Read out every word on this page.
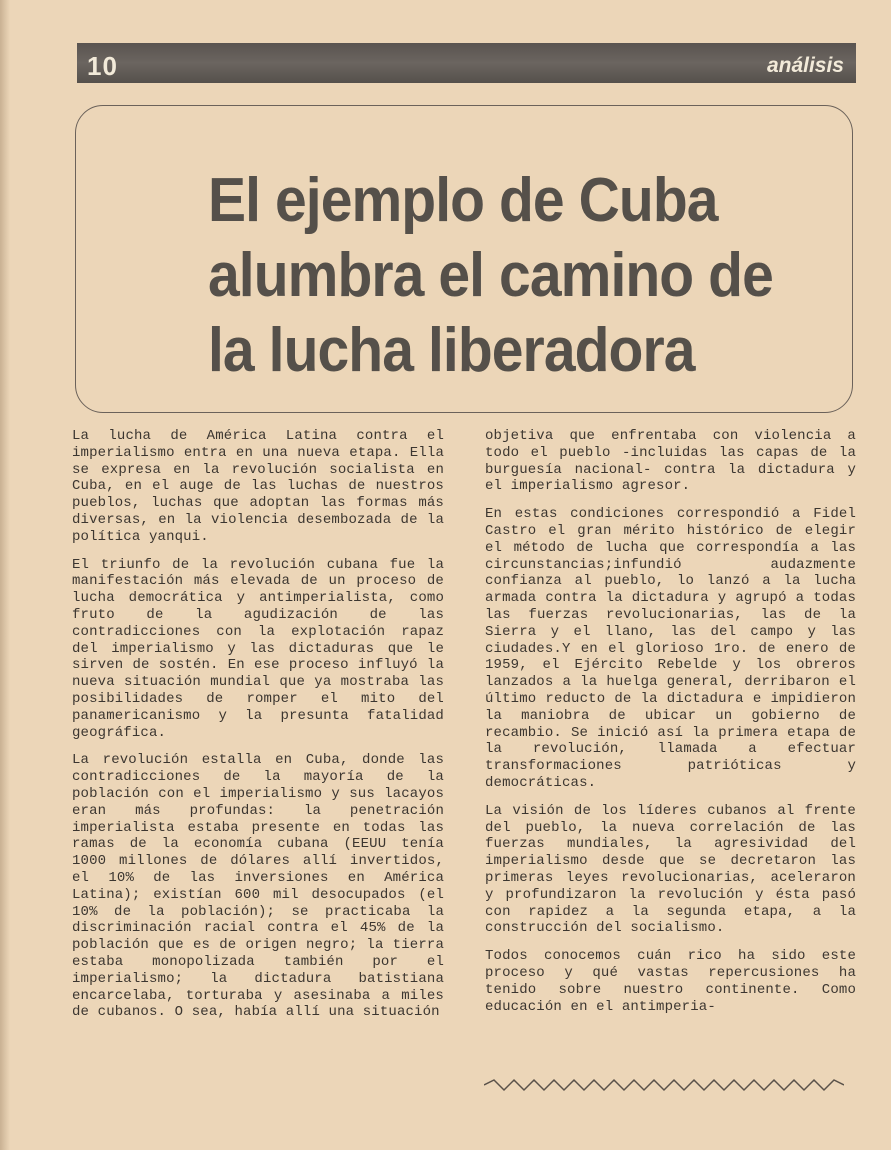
10	análisis
El ejemplo de Cuba
alumbra el camino de
la lucha liberadora

La lucha de América Latina contra el imperialismo entra en una nueva etapa. Ella se expresa en la revolución socialista en Cuba, en el auge de las luchas de nuestros pueblos, luchas que adoptan las formas más diversas, en la violencia desembozada de la política yanqui.

El triunfo de la revolución cubana fue la manifestación más elevada de un proceso de lucha democrática y antimperialista, como fruto de la agudización de las contradicciones con la explotación rapaz del imperialismo y las dictaduras que le sirven de sostén. En ese proceso influyó la nueva situación mundial que ya mostraba las posibilidades de romper el mito del panamericanismo y la presunta fatalidad geográfica.

La revolución estalla en Cuba, donde las contradicciones de la mayoría de la población con el imperialismo y sus lacayos eran más profundas: la penetración imperialista estaba presente en todas las ramas de la economía cubana (EEUU tenía 1000 millones de dólares allí invertidos, el 10% de las inversiones en América Latina); existían 600 mil desocupados (el 10% de la población); se practicaba la discriminación racial contra el 45% de la población que es de origen negro; la tierra estaba monopolizada también por el imperialismo; la dictadura batistiana encarcelaba, torturaba y asesinaba a miles de cubanos. O sea, había allí una situación

objetiva que enfrentaba con violencia a todo el pueblo -incluidas las capas de la burguesía nacional- contra la dictadura y el imperialismo agresor.

En estas condiciones correspondió a Fidel Castro el gran mérito histórico de elegir el método de lucha que correspondía a las circunstancias;infundió audazmente confianza al pueblo, lo lanzó a la lucha armada contra la dictadura y agrupó a todas las fuerzas revolucionarias, las de la Sierra y el llano, las del campo y las ciudades.Y en el glorioso 1ro. de enero de 1959, el Ejército Rebelde y los obreros lanzados a la huelga general, derribaron el último reducto de la dictadura e impidieron la maniobra de ubicar un gobierno de recambio. Se inició así la primera etapa de la revolución, llamada a efectuar transformaciones patrióticas y democráticas.

La visión de los líderes cubanos al frente del pueblo, la nueva correlación de las fuerzas mundiales, la agresividad del imperialismo desde que se decretaron las primeras leyes revolucionarias, aceleraron y profundizaron la revolución y ésta pasó con rapidez a la segunda etapa, a la construcción del socialismo.

Todos conocemos cuán rico ha sido este proceso y qué vastas repercusiones ha tenido sobre nuestro continente. Como educación en el antimperia-
